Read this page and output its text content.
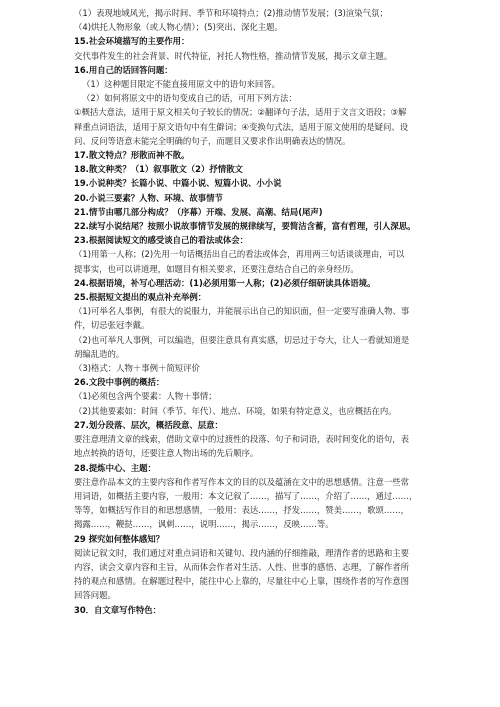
（1）表现地域风光，揭示时间、季节和环境特点；(2)推动情节发展；(3)渲染气氛；
（4)烘托人物形象（或人物心情）；(5)突出、深化主题。
15.社会环境描写的主要作用：
交代事件发生的社会背景、时代特征，衬托人物性格，推动情节发展，揭示文章主题。
16.用自己的话回答问题：
（1）这种题目限定不能直接用原文中的语句来回答。
（2）如何将原文中的语句变成自己的话，可用下列方法：
①概括大意法，适用于原文相关句子较长的情况；②翻译句子法，适用于文言文语段；③解
释重点词语法，适用于原文语句中有生僻词；④变换句式法，适用于原文使用的是疑问、设
问、反问等语意未能完全明确的句子，而题目又要求作出明确表达的情况。
17.散文特点？形散而神不散。
18.散文种类？（1）叙事散文（2）抒情散文
19.小说种类？长篇小说、中篇小说、短篇小说、小小说
20.小说三要素？人物、环境、故事情节
21.情节由哪几部分构成？（序幕）开端、发展、高潮、结局(尾声)
22.续写小说结尾？按照小说故事情节发展的规律续写，要简洁含蓄，富有哲理，引人深思。
23.根据阅读短文的感受谈自己的看法或体会：
（1)用第一人称；(2)先用一句话概括出自己的看法或体会，再用两三句话谈谈理由，可以
提事实，也可以讲道理，如题目有相关要求，还要注意结合自己的亲身经历。
24.根据语境，补写心理活动：(1)必须用第一人称；(2)必须仔细研读具体语境。
25.根据短文提出的观点补充举例：
（1)可举名人事例，有很大的说服力，并能展示出自己的知识面，但一定要写准确人物、事
件，切忌张冠李戴。
（2)也可举凡人事例，可以编造，但要注意具有真实感，切忌过于夸大，让人一看就知道是
胡编乱造的。
（3)格式：人物＋事例＋简短评价
26.文段中事例的概括：
（1)必须包含两个要素：人物＋事情；
（2)其他要素如：时间（季节、年代）、地点、环境，如果有特定意义，也应概括在内。
27.划分段落、层次，概括段意、层意：
要注意理清文章的线索，借助文章中的过渡性的段落、句子和词语，表时间变化的语句，表
地点转换的语句，还要注意人物出场的先后顺序。
28.提炼中心、主题：
要注意作品本文的主要内容和作者写作本文的目的以及蕴涵在文中的思想感情。注意一些常
用词语，如概括主要内容，一般用：本文记叙了……，描写了……，介绍了……，通过……，
等等，如概括写作目的和思想感情，一般用：表达……，抒发……，赞美……，歌颂……，
揭露……，鞭挞……，讽刺……，说明……，揭示……，反映……等。
29 探究如何整体感知？
阅读记叙文时，我们通过对重点词语和关键句、段内涵的仔细推敲，理清作者的思路和主要
内容，读会文章内容和主旨，从而体会作者对生活、人性、世事的感悟、志理，了解作者所
持的观点和感情。在解题过程中，能往中心上靠的，尽量往中心上靠，围绕作者的写作意图
回答问题。
30．自文章写作特色：
